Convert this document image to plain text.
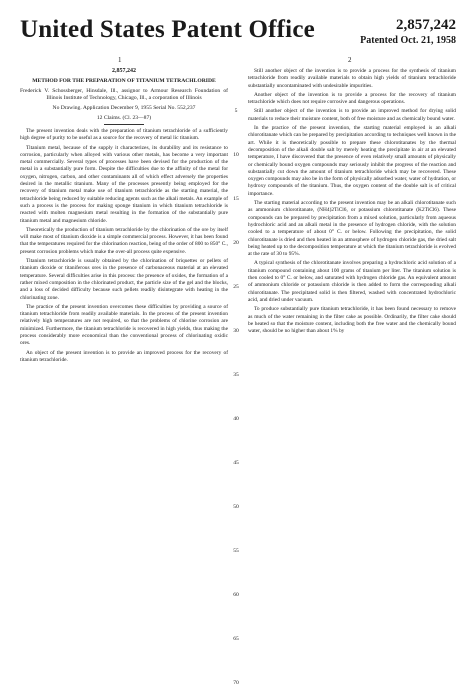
United States Patent Office	2,857,242
Patented Oct. 21, 1958
1	2
2,857,242
METHOD FOR THE PREPARATION OF TITANIUM TETRACHLORIDE
Frederick V. Schossberger, Hinsdale, Ill., assignor to Armour Research Foundation of Illinois Institute of Technology, Chicago, Ill., a corporation of Illinois
No Drawing. Application December 9, 1955 Serial No. 552,237
12 Claims. (Cl. 23—87)

The present invention deals with the preparation of titanium tetrachloride of a sufficiently high degree of purity to be useful as a source for the recovery of metal lic titanium.

Titanium metal, because of the supply it characterizes, its durability and its resistance to corrosion, particularly when alloyed with various other metals, has become a very important metal commercially. Several types of processes have been devised for the production of the metal in a substantially pure form. Despite the difficulties due to the affinity of the metal for oxygen, nitrogen, carbon, and other contaminants all of which effect adversely the properties desired in the metallic titanium. Many of the processes presently being employed for the recovery of titanium metal make use of titanium tetrachloride as the starting material, the tetrachloride being reduced by suitable reducing agents such as the alkali metals. An example of such a process is the process for making sponge titanium in which titanium tetrachloride is reacted with molten magnesium metal resulting in the formation of the substantially pure titanium metal and magnesium chloride.

Theoretically the production of titanium tetrachloride by the chlorination of the ore by itself will make most of titanium dioxide is a simple commercial process. However, it has been found that the temperatures required for the chlorination reaction, being of the order of 800 to 850° C., present corrosion problems which make the over-all process quite expensive.

Titanium tetrachloride is usually obtained by the chlorination of briquettes or pellets of titanium dioxide or titaniferous ores in the presence of carbonaceous material at an elevated temperature. Several difficulties arise in this process: the presence of oxides, the formation of a rather mixed composition in the chlorinated product, the particle size of the gel and the blocks, and a loss of decided difficulty because such pellets readily disintegrate with heating in the chlorinating zone.

The practice of the present invention overcomes these difficulties by providing a source of titanium tetrachloride from readily available materials. In the process of the present invention relatively high temperatures are not required, so that the problems of chlorine corrosion are minimized. Furthermore, the titanium tetrachloride is recovered in high yields, thus making the process considerably more economical than the conventional process of chlorinating oxidic ores.

An object of the present invention is to provide an improved process for the recovery of titanium tetrachloride.

5
10
15
20
25
30
35
40
45
50
55
60
65
70

Still another object of the invention is to provide a process for the synthesis of titanium tetrachloride from readily available materials to obtain high yields of titanium tetrachloride substantially uncontaminated with undesirable impurities.

Another object of the invention is to provide a process for the recovery of titanium tetrachloride which does not require corrosive and dangerous operations.

Still another object of the invention is to provide an improved method for drying solid materials to reduce their moisture content, both of free moisture and as chemically bound water.

In the practice of the present invention, the starting material employed is an alkali chlorotitanate which can be prepared by precipitation according to techniques well known in the art. While it is theoretically possible to prepare these chlorotitanates by the thermal decomposition of the alkali double salt by merely heating the precipitate in air at an elevated temperature, I have discovered that the presence of even relatively small amounts of physically or chemically bound oxygen compounds may seriously inhibit the progress of the reaction and substantially cut down the amount of titanium tetrachloride which may be recovered. These oxygen compounds may also be in the form of physically adsorbed water, water of hydration, or hydroxy compounds of the titanium. Thus, the oxygen content of the double salt is of critical importance.

The starting material according to the present invention may be an alkali chlorotitanate such as ammonium chlorotitanate, (NH4)2TiCl6, or potassium chlorotitanate (K2TiCl6). These compounds can be prepared by precipitation from a mixed solution, particularly from aqueous hydrochloric acid and an alkali metal in the presence of hydrogen chloride, with the solution cooled to a temperature of about 0° C. or below. Following the precipitation, the solid chlorotitanate is dried and then heated in an atmosphere of hydrogen chloride gas, the dried salt being heated up to the decomposition temperature at which the titanium tetrachloride is evolved at the rate of 30 to 95%.

A typical synthesis of the chlorotitanate involves preparing a hydrochloric acid solution of a titanium compound containing about 100 grams of titanium per liter. The titanium solution is then cooled to 0° C. or below, and saturated with hydrogen chloride gas. An equivalent amount of ammonium chloride or potassium chloride is then added to form the corresponding alkali chlorotitanate. The precipitated solid is then filtered, washed with concentrated hydrochloric acid, and dried under vacuum.

To produce substantially pure titanium tetrachloride, it has been found necessary to remove as much of the water remaining in the filter cake as possible. Ordinarily, the filter cake should be heated so that the moisture content, including both the free water and the chemically bound water, should be no higher than about 1% by
